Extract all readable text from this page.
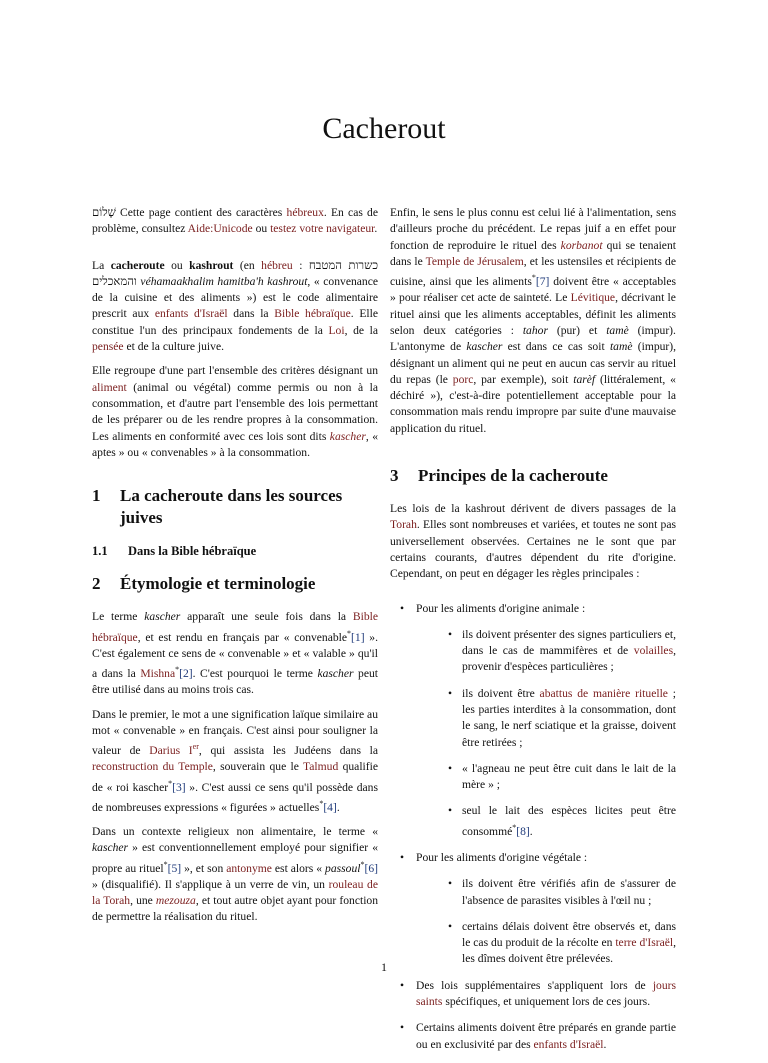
Cacherout

שָׁלוֹם Cette page contient des caractères hébreux. En cas de problème, consultez Aide:Unicode ou testez votre navigateur.

La cacheroute ou kashrout (en hébreu : כשרות המטבח והמאכלים véhamaakhalim hamitba'h kashrout, « convenance de la cuisine et des aliments ») est le code alimentaire prescrit aux enfants d'Israël dans la Bible hébraïque. Elle constitue l'un des principaux fondements de la Loi, de la pensée et de la culture juive.

Elle regroupe d'une part l'ensemble des critères désignant un aliment (animal ou végétal) comme permis ou non à la consommation, et d'autre part l'ensemble des lois permettant de les préparer ou de les rendre propres à la consommation. Les aliments en conformité avec ces lois sont dits kascher, « aptes » ou « convenables » à la consommation.

1	La cacheroute dans les sources juives
1.1	Dans la Bible hébraïque
2	Étymologie et terminologie

Le terme kascher apparaît une seule fois dans la Bible hébraïque, et est rendu en français par « convenable*[1] ». C'est également ce sens de « convenable » et « valable » qu'il a dans la Mishna*[2]. C'est pourquoi le terme kascher peut être utilisé dans au moins trois cas.

Dans le premier, le mot a une signification laïque similaire au mot « convenable » en français. C'est ainsi pour souligner la valeur de Darius Ier, qui assista les Judéens dans la reconstruction du Temple, souverain que le Talmud qualifie de « roi kascher*[3] ». C'est aussi ce sens qu'il possède dans de nombreuses expressions « figurées » actuelles*[4].

Dans un contexte religieux non alimentaire, le terme « kascher » est conventionnellement employé pour signifier « propre au rituel*[5] », et son antonyme est alors « passoul*[6] » (disqualifié). Il s'applique à un verre de vin, un rouleau de la Torah, une mezouza, et tout autre objet ayant pour fonction de permettre la réalisation du rituel.

Enfin, le sens le plus connu est celui lié à l'alimentation, sens d'ailleurs proche du précédent. Le repas juif a en effet pour fonction de reproduire le rituel des korbanot qui se tenaient dans le Temple de Jérusalem, et les ustensiles et récipients de cuisine, ainsi que les aliments*[7] doivent être « acceptables » pour réaliser cet acte de sainteté. Le Lévitique, décrivant le rituel ainsi que les aliments acceptables, définit les aliments selon deux catégories : tahor (pur) et tamè (impur). L'antonyme de kascher est dans ce cas soit tamè (impur), désignant un aliment qui ne peut en aucun cas servir au rituel du repas (le porc, par exemple), soit tarèf (littéralement, « déchiré »), c'est-à-dire potentiellement acceptable pour la consommation mais rendu impropre par suite d'une mauvaise application du rituel.

3	Principes de la cacheroute

Les lois de la kashrout dérivent de divers passages de la Torah. Elles sont nombreuses et variées, et toutes ne sont pas universellement observées. Certaines ne le sont que par certains courants, d'autres dépendent du rite d'origine. Cependant, on peut en dégager les règles principales :

• Pour les aliments d'origine animale :
• ils doivent présenter des signes particuliers et, dans le cas de mammifères et de volailles, provenir d'espèces particulières ;
• ils doivent être abattus de manière rituelle ; les parties interdites à la consommation, dont le sang, le nerf sciatique et la graisse, doivent être retirées ;
• « l'agneau ne peut être cuit dans le lait de la mère » ;
• seul le lait des espèces licites peut être consommé*[8].
• Pour les aliments d'origine végétale :
• ils doivent être vérifiés afin de s'assurer de l'absence de parasites visibles à l'œil nu ;
• certains délais doivent être observés et, dans le cas du produit de la récolte en terre d'Israël, les dîmes doivent être prélevées.
• Des lois supplémentaires s'appliquent lors de jours saints spécifiques, et uniquement lors de ces jours.
• Certains aliments doivent être préparés en grande partie ou en exclusivité par des enfants d'Israël.
1
